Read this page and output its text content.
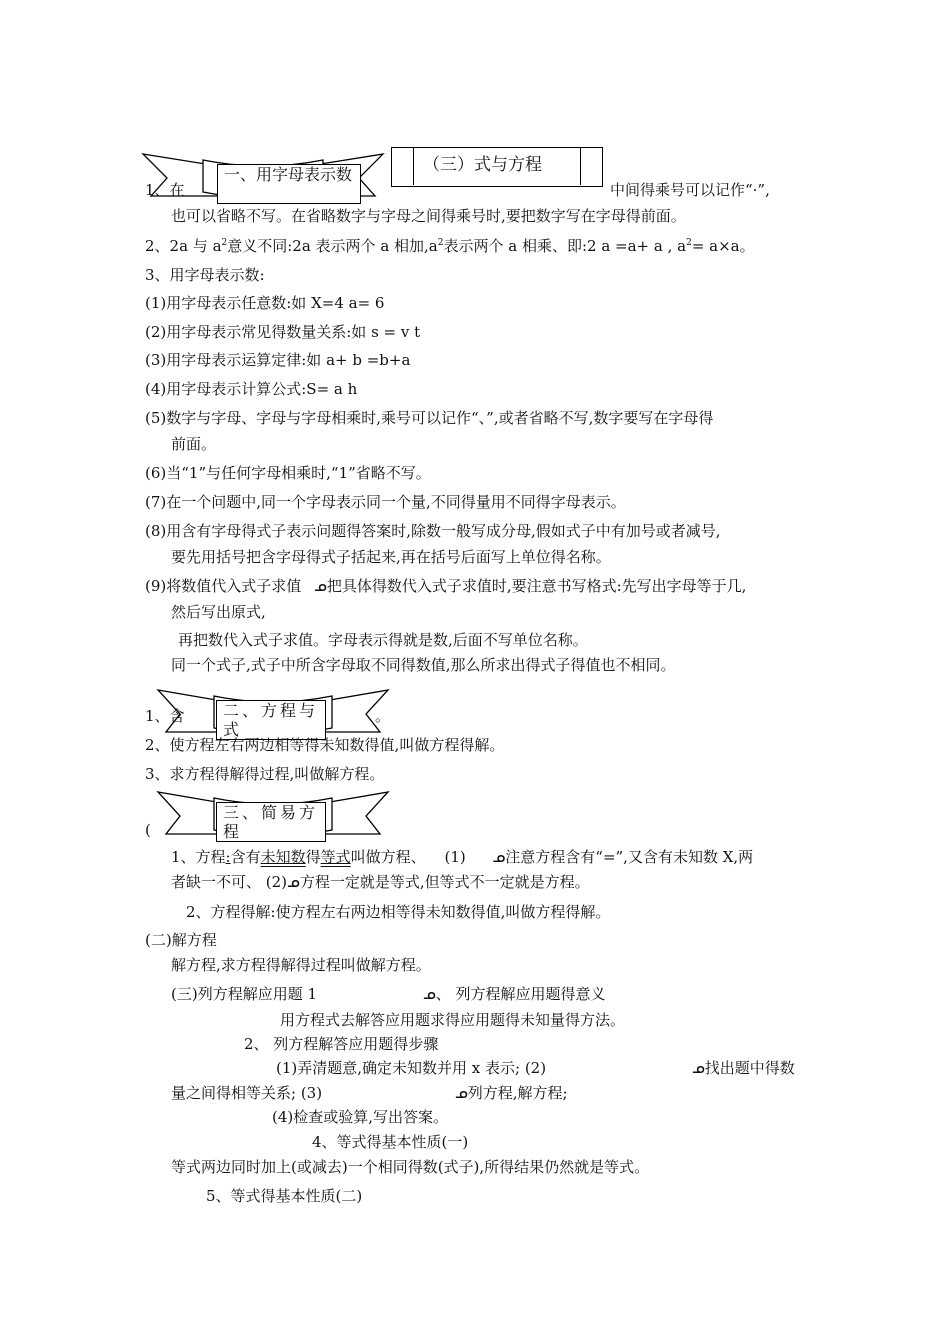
（三）式与方程
一、用字母表示数
1、在	中间得乘号可以记作“·”,
也可以省略不写。在省略数字与字母之间得乘号时,要把数字写在字母得前面。
2、2a 与 $a^2$意义不同:2a 表示两个 a 相加$,a^2$表示两个 a 相乘、即:2 a =a+ a , $a^2= a\times a$。
3、用字母表示数:
(1)用字母表示任意数:如 X=4 a= 6
(2)用字母表示常见得数量关系:如 s = v t
(3)用字母表示运算定律:如 a+ b =b+a
(4)用字母表示计算公式:S= a h
(5)数字与字母、字母与字母相乘时,乘号可以记作“、”,或者省略不写,数字要写在字母得
前面。
(6)当“1”与任何字母相乘时,“1”省略不写。
(7)在一个问题中,同一个字母表示同一个量,不同得量用不同得字母表示。
(8)用含有字母得式子表示问题得答案时,除数一般写成分母,假如式子中有加号或者减号,
要先用括号把含字母得式子括起来,再在括号后面写上单位得名称。
(9)将数值代入式子求值 ᓄ把具体得数代入式子求值时,要注意书写格式:先写出字母等于几,
然后写出原式,
再把数代入式子求值。字母表示得就是数,后面不写单位名称。
同一个式子,式子中所含字母取不同得数值,那么所求出得式子得值也不相同。
二、方程与式
1、含	。
2、使方程左右两边相等得未知数得值,叫做方程得解。
3、求方程得解得过程,叫做解方程。
三、简易方程
(
1、方程:含有未知数得等式叫做方程、 (1) ᓄ注意方程含有“=”,又含有未知数 X,两
者缺一不可、 (2)ᓄ方程一定就是等式,但等式不一定就是方程。
2、方程得解:使方程左右两边相等得未知数得值,叫做方程得解。
(二)解方程
解方程,求方程得解得过程叫做解方程。
(三)列方程解应用题 1	ᓄ、 列方程解应用题得意义
用方程式去解答应用题求得应用题得未知量得方法。
2、 列方程解答应用题得步骤
(1)弄清题意,确定未知数并用 x 表示; (2)	ᓄ找出题中得数
量之间得相等关系; (3)	ᓄ列方程,解方程;
(4)检查或验算,写出答案。
4、等式得基本性质(一)
等式两边同时加上(或减去)一个相同得数(式子),所得结果仍然就是等式。
5、等式得基本性质(二)
